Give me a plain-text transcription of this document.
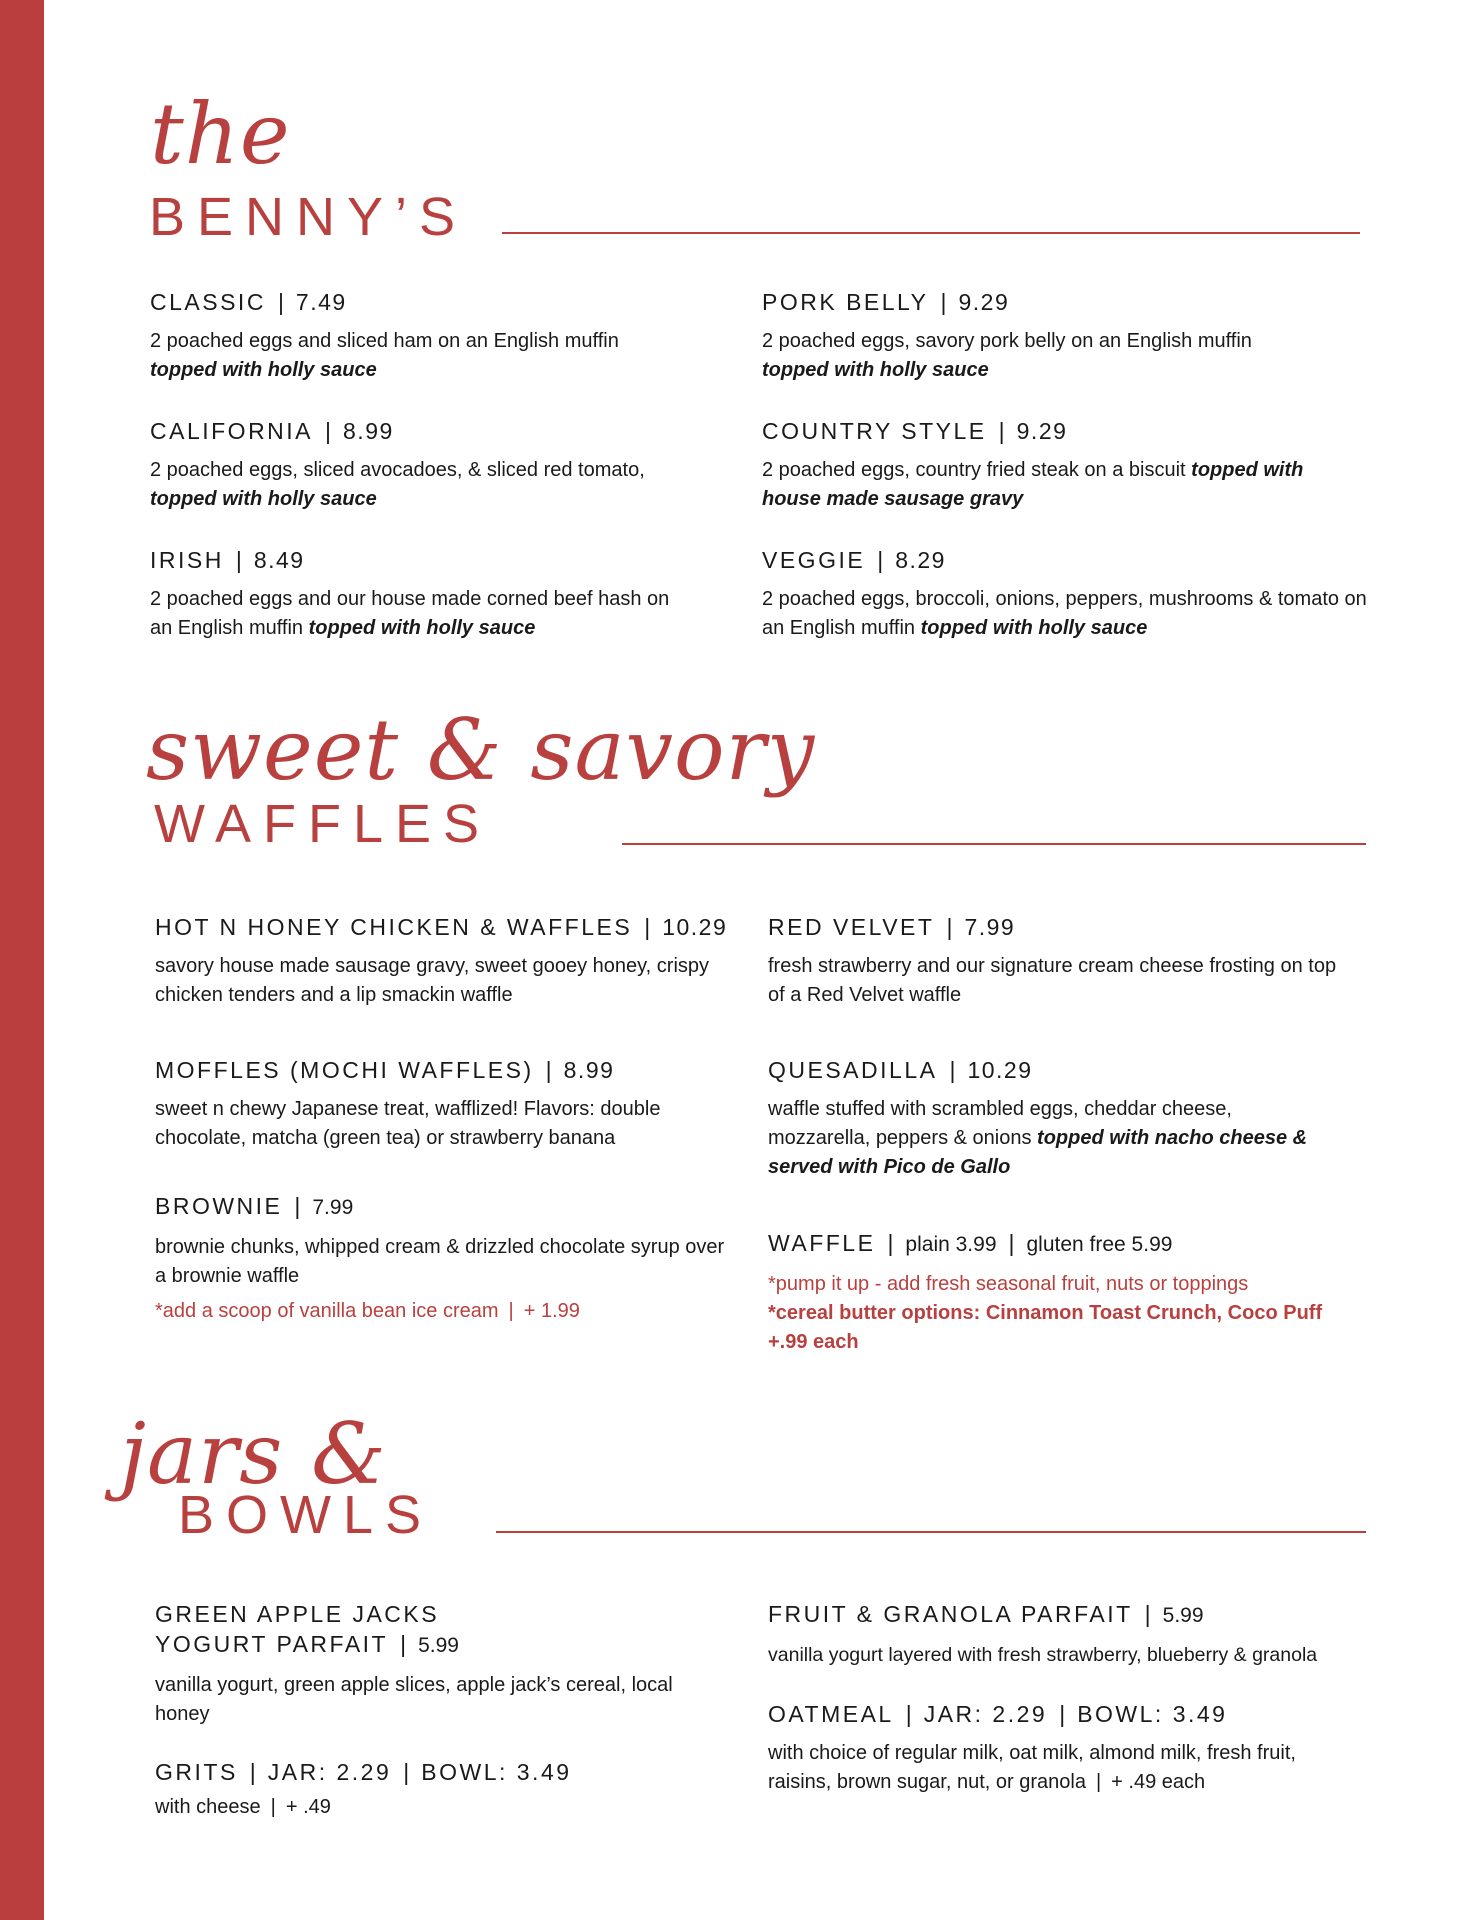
the
BENNY’S
CLASSIC | 7.49
2 poached eggs and sliced ham on an English muffin
topped with holly sauce
PORK BELLY | 9.29
2 poached eggs, savory pork belly on an English muffin
topped with holly sauce
CALIFORNIA | 8.99
2 poached eggs, sliced avocadoes, & sliced red tomato,
topped with holly sauce
COUNTRY STYLE | 9.29
2 poached eggs, country fried steak on a biscuit topped with house made sausage gravy
IRISH | 8.49
2 poached eggs and our house made corned beef hash on an English muffin topped with holly sauce
VEGGIE | 8.29
2 poached eggs, broccoli, onions, peppers, mushrooms & tomato on an English muffin topped with holly sauce
sweet & savory
WAFFLES
HOT N HONEY CHICKEN & WAFFLES | 10.29
savory house made sausage gravy, sweet gooey honey, crispy chicken tenders and a lip smackin waffle
RED VELVET | 7.99
fresh strawberry and our signature cream cheese frosting on top of a Red Velvet waffle
MOFFLES (MOCHI WAFFLES) | 8.99
sweet n chewy Japanese treat, wafflized! Flavors: double chocolate, matcha (green tea) or strawberry banana
QUESADILLA | 10.29
waffle stuffed with scrambled eggs, cheddar cheese, mozzarella, peppers & onions topped with nacho cheese & served with Pico de Gallo
BROWNIE | 7.99
brownie chunks, whipped cream & drizzled chocolate syrup over a brownie waffle
*add a scoop of vanilla bean ice cream | + 1.99
WAFFLE | plain 3.99 | gluten free 5.99
*pump it up - add fresh seasonal fruit, nuts or toppings
*cereal butter options: Cinnamon Toast Crunch, Coco Puff +.99 each
jars &
BOWLS
GREEN APPLE JACKS
YOGURT PARFAIT | 5.99
vanilla yogurt, green apple slices, apple jack’s cereal, local honey
FRUIT & GRANOLA PARFAIT | 5.99
vanilla yogurt layered with fresh strawberry, blueberry & granola
GRITS | JAR: 2.29 | BOWL: 3.49
with cheese | + .49
OATMEAL | JAR: 2.29 | BOWL: 3.49
with choice of regular milk, oat milk, almond milk, fresh fruit, raisins, brown sugar, nut, or granola | + .49 each
